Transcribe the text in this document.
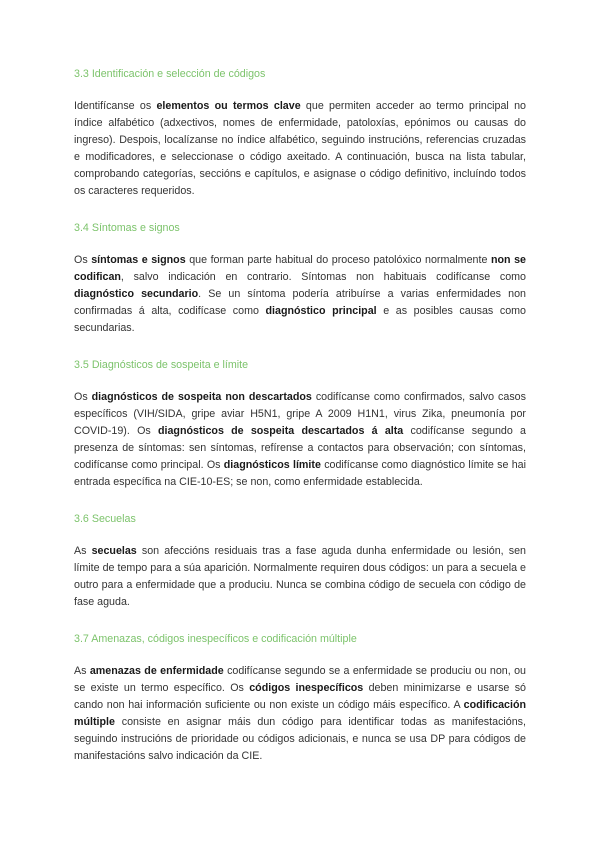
3.3 Identificación e selección de códigos

Identifícanse os elementos ou termos clave que permiten acceder ao termo principal no índice alfabético (adxectivos, nomes de enfermidade, patoloxías, epónimos ou causas do ingreso). Despois, localízanse no índice alfabético, seguindo instrucións, referencias cruzadas e modificadores, e seleccionase o código axeitado. A continuación, busca na lista tabular, comprobando categorías, seccións e capítulos, e asignase o código definitivo, incluíndo todos os caracteres requeridos.

3.4 Síntomas e signos

Os síntomas e signos que forman parte habitual do proceso patolóxico normalmente non se codifican, salvo indicación en contrario. Síntomas non habituais codifícanse como diagnóstico secundario. Se un síntoma podería atribuírse a varias enfermidades non confirmadas á alta, codifícase como diagnóstico principal e as posibles causas como secundarias.

3.5 Diagnósticos de sospeita e límite

Os diagnósticos de sospeita non descartados codifícanse como confirmados, salvo casos específicos (VIH/SIDA, gripe aviar H5N1, gripe A 2009 H1N1, virus Zika, pneumonía por COVID-19). Os diagnósticos de sospeita descartados á alta codifícanse segundo a presenza de síntomas: sen síntomas, refírense a contactos para observación; con síntomas, codifícanse como principal. Os diagnósticos límite codifícanse como diagnóstico límite se hai entrada específica na CIE-10-ES; se non, como enfermidade establecida.

3.6 Secuelas

As secuelas son afeccións residuais tras a fase aguda dunha enfermidade ou lesión, sen límite de tempo para a súa aparición. Normalmente requiren dous códigos: un para a secuela e outro para a enfermidade que a produciu. Nunca se combina código de secuela con código de fase aguda.

3.7 Amenazas, códigos inespecíficos e codificación múltiple

As amenazas de enfermidade codifícanse segundo se a enfermidade se produciu ou non, ou se existe un termo específico. Os códigos inespecíficos deben minimizarse e usarse só cando non hai información suficiente ou non existe un código máis específico. A codificación múltiple consiste en asignar máis dun código para identificar todas as manifestacións, seguindo instrucións de prioridade ou códigos adicionais, e nunca se usa DP para códigos de manifestacións salvo indicación da CIE.
